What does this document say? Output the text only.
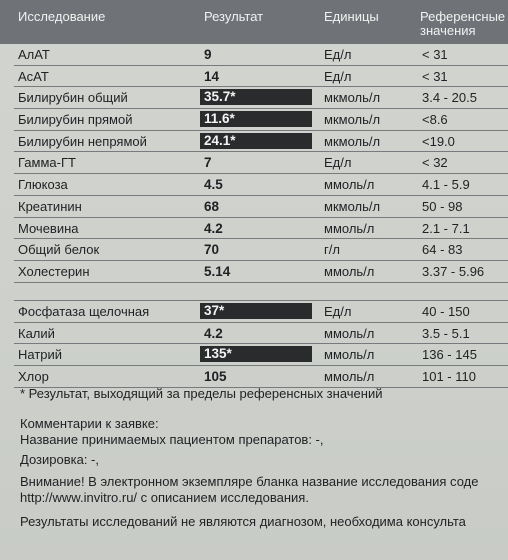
Исследование	Результат	Единицы	Референсные значения
АлАТ	9	Ед/л	< 31
АсАТ	14	Ед/л	< 31
Билирубин общий	35.7*	мкмоль/л	3.4 - 20.5
Билирубин прямой	11.6*	мкмоль/л	<8.6
Билирубин непрямой	24.1*	мкмоль/л	<19.0
Гамма-ГТ	7	Ед/л	< 32
Глюкоза	4.5	ммоль/л	4.1 - 5.9
Креатинин	68	мкмоль/л	50 - 98
Мочевина	4.2	ммоль/л	2.1 - 7.1
Общий белок	70	г/л	64 - 83
Холестерин	5.14	ммоль/л	3.37 - 5.96
Фосфатаза щелочная	37*	Ед/л	40 - 150
Калий	4.2	ммоль/л	3.5 - 5.1
Натрий	135*	ммоль/л	136 - 145
Хлор	105	ммоль/л	101 - 110
* Результат, выходящий за пределы референсных значений
Комментарии к заявке:
Название принимаемых пациентом препаратов: -,
Дозировка: -,
Внимание! В электронном экземпляре бланка название исследования соде
http://www.invitro.ru/ с описанием исследования.
Результаты исследований не являются диагнозом, необходима консульта
